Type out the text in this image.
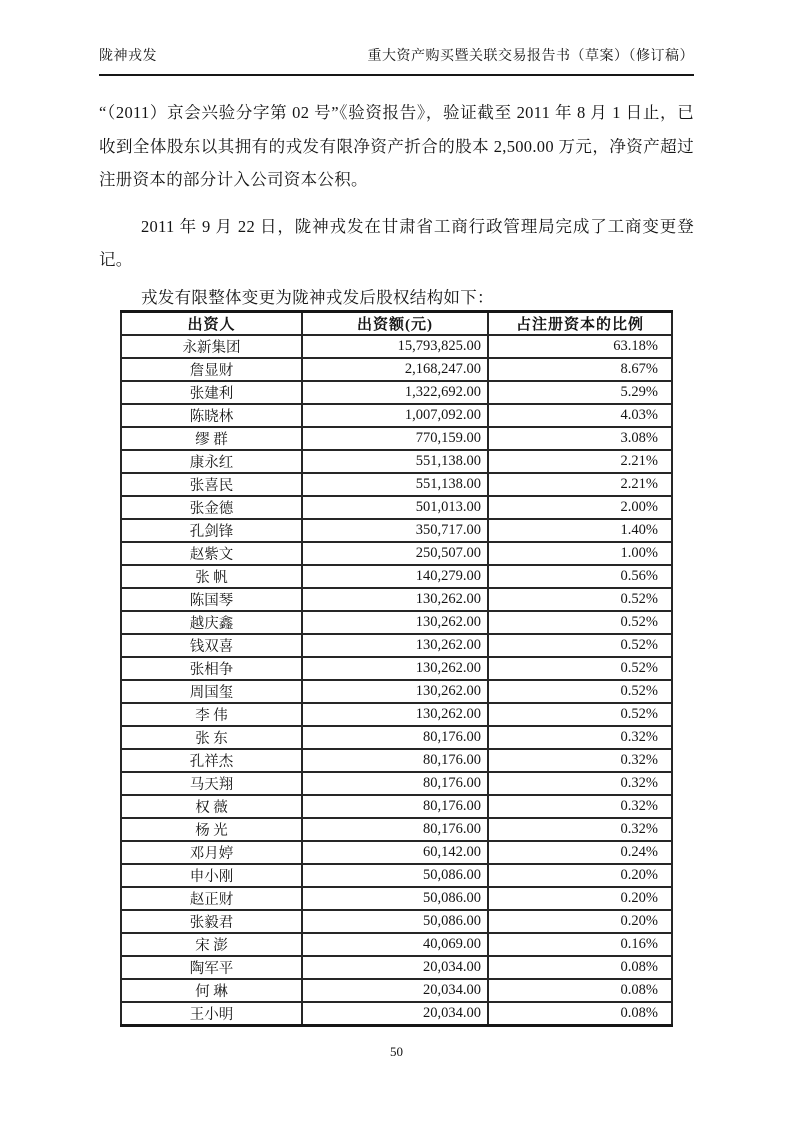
陇神戎发	重大资产购买暨关联交易报告书（草案）（修订稿）

“（2011）京会兴验分字第 02 号”《验资报告》，验证截至 2011 年 8 月 1 日止，已收到全体股东以其拥有的戎发有限净资产折合的股本 2,500.00 万元，净资产超过注册资本的部分计入公司资本公积。

2011 年 9 月 22 日，陇神戎发在甘肃省工商行政管理局完成了工商变更登记。

戎发有限整体变更为陇神戎发后股权结构如下：

出资人	出资额(元)	占注册资本的比例
永新集团	15,793,825.00	63.18%
詹显财	2,168,247.00	8.67%
张建利	1,322,692.00	5.29%
陈晓林	1,007,092.00	4.03%
缪 群	770,159.00	3.08%
康永红	551,138.00	2.21%
张喜民	551,138.00	2.21%
张金德	501,013.00	2.00%
孔剑锋	350,717.00	1.40%
赵紫文	250,507.00	1.00%
张 帆	140,279.00	0.56%
陈国琴	130,262.00	0.52%
越庆鑫	130,262.00	0.52%
钱双喜	130,262.00	0.52%
张相争	130,262.00	0.52%
周国玺	130,262.00	0.52%
李 伟	130,262.00	0.52%
张 东	80,176.00	0.32%
孔祥杰	80,176.00	0.32%
马天翔	80,176.00	0.32%
权 薇	80,176.00	0.32%
杨 光	80,176.00	0.32%
邓月婷	60,142.00	0.24%
申小刚	50,086.00	0.20%
赵正财	50,086.00	0.20%
张毅君	50,086.00	0.20%
宋 澎	40,069.00	0.16%
陶军平	20,034.00	0.08%
何 琳	20,034.00	0.08%
王小明	20,034.00	0.08%
50
